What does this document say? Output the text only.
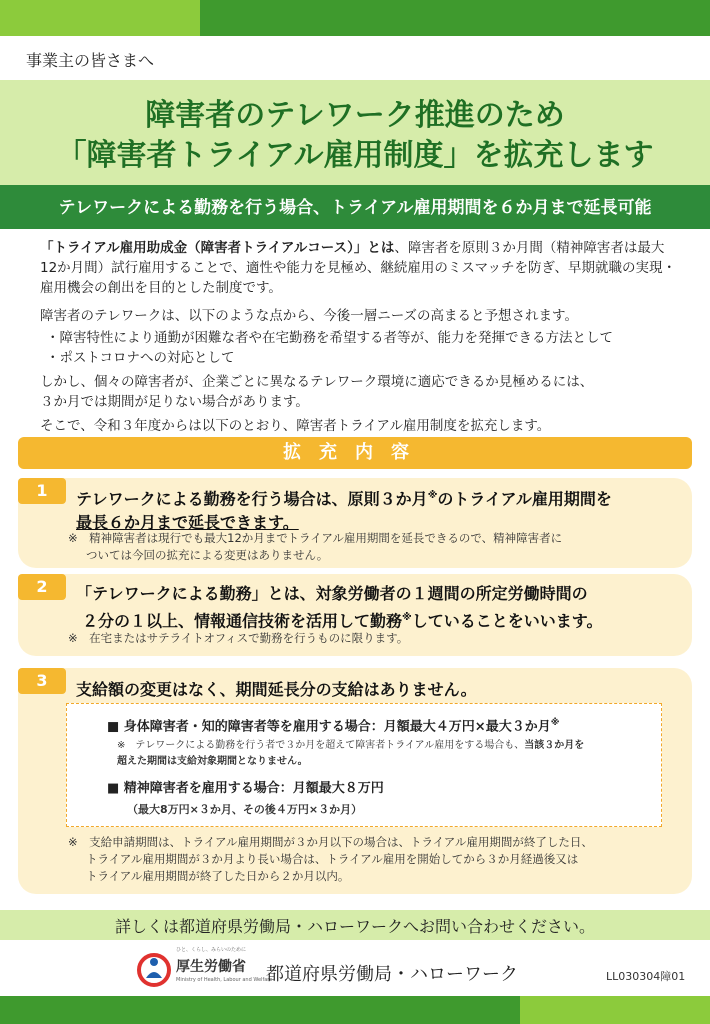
事業主の皆さまへ
障害者のテレワーク推進のため
「障害者トライアル雇用制度」を拡充します
テレワークによる勤務を行う場合、トライアル雇用期間を６か月まで延長可能

「トライアル雇用助成金（障害者トライアルコース）」とは、障害者を原則３か月間（精神障害者は最大12か月間）試行雇用することで、適性や能力を見極め、継続雇用のミスマッチを防ぎ、早期就職の実現・雇用機会の創出を目的とした制度です。

障害者のテレワークは、以下のような点から、今後一層ニーズの高まると予想されます。

・障害特性により通勤が困難な者や在宅勤務を希望する者等が、能力を発揮できる方法として
・ポストコロナへの対応として
しかし、個々の障害者が、企業ごとに異なるテレワーク環境に適応できるか見極めるには、
３か月では期間が足りない場合があります。

そこで、令和３年度からは以下のとおり、障害者トライアル雇用制度を拡充します。

拡充内容
1	テレワークによる勤務を行う場合は、原則３か月※のトライアル雇用期間を
最長６か月まで延長できます。
※　 精神障害者は現行でも最大12か月までトライアル雇用期間を延長できるので、精神障害者に
ついては今回の拡充による変更はありません。
2	「テレワークによる勤務」とは、対象労働者の１週間の所定労働時間の
２分の１以上、情報通信技術を活用して勤務※していることをいいます。
※　 在宅またはサテライトオフィスで勤務を行うものに限ります。
3	支給額の変更はなく、期間延長分の支給はありません。
※　 支給申請期間は、トライアル雇用期間が３か月以下の場合は、トライアル雇用期間が終了した日、
トライアル雇用期間が３か月より長い場合は、トライアル雇用を開始してから３か月経過後又は
トライアル雇用期間が終了した日から２か月以内。
■ 身体障害者・知的障害者等を雇用する場合：月額最大４万円×最大３か月※
※　 テレワークによる勤務を行う者で３か月を超えて障害者トライアル雇用をする場合も、当該３か月を
超えた期間は支給対象期間となりません。
■ 精神障害者を雇用する場合：月額最大８万円
（最大8万円×３か月、その後４万円×３か月）
詳しくは都道府県労働局・ハローワークへお問い合わせください。
ひと、くらし、みらいのために
厚生労働省
Ministry of Health, Labour and Welfare
都道府県労働局・ハローワーク	LL030304障01
